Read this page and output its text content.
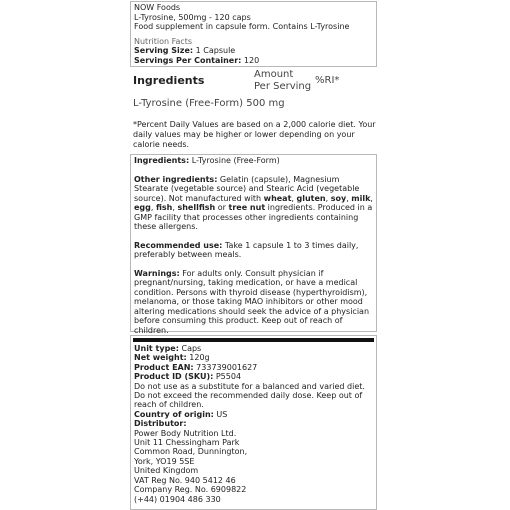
NOW Foods
L-Tyrosine, 500mg - 120 caps
Food supplement in capsule form. Contains L-Tyrosine
Nutrition Facts
Serving Size: 1 Capsule
Servings Per Container: 120
Ingredients	Amount
Per Serving
%RI*
L-Tyrosine (Free-Form) 500 mg
*Percent Daily Values are based on a 2,000 calorie diet. Your daily values may be higher or lower depending on your calorie needs.

Ingredients: L-Tyrosine (Free-Form)

Other ingredients: Gelatin (capsule), Magnesium Stearate (vegetable source) and Stearic Acid (vegetable source). Not manufactured with wheat, gluten, soy, milk, egg, fish, shellfish or tree nut ingredients. Produced in a GMP facility that processes other ingredients containing these allergens.

Recommended use: Take 1 capsule 1 to 3 times daily, preferably between meals.

Warnings: For adults only. Consult physician if pregnant/nursing, taking medication, or have a medical condition. Persons with thyroid disease (hyperthyroidism), melanoma, or those taking MAO inhibitors or other mood altering medications should seek the advice of a physician before consuming this product. Keep out of reach of children.

Unit type: Caps
Net weight: 120g
Product EAN: 733739001627
Product ID (SKU): P5504
Do not use as a substitute for a balanced and varied diet. Do not exceed the recommended daily dose. Keep out of reach of children.
Country of origin: US
Distributor:
Power Body Nutrition Ltd.
Unit 11 Chessingham Park
Common Road, Dunnington,
York, YO19 5SE
United Kingdom
VAT Reg No. 940 5412 46
Company Reg. No. 6909822
(+44) 01904 486 330
